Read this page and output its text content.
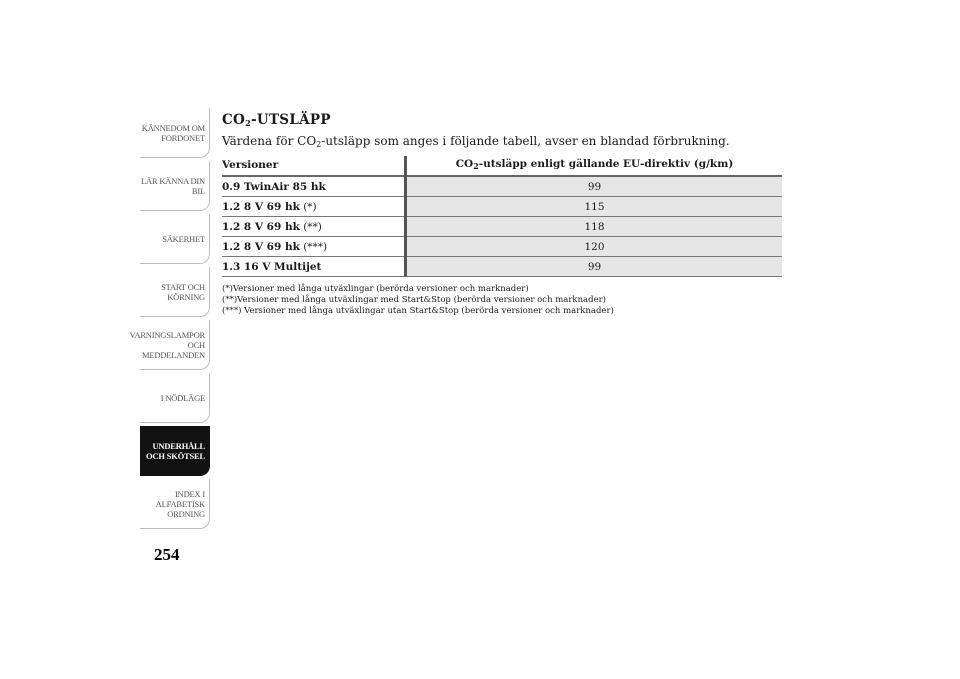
KÄNNEDOM OM FORDONET
LÄR KÄNNA DIN BIL
SÄKERHET
START OCH KÖRNING
VARNINGSLAMPOR OCH MEDDELANDEN
I NÖDLÄGE
UNDERHÅLL OCH SKÖTSEL
INDEX I ALFABETISK ORDNING
254
$CO_2$-UTSLÄPP

Värdena för $CO_2$-utsläpp som anges i följande tabell, avser en blandad förbrukning.

Versioner	$CO_2$-utsläpp enligt gällande EU-direktiv (g/km)
0.9 TwinAir 85 hk	99
1.2 8 V 69 hk (*)	115
1.2 8 V 69 hk (**)	118
1.2 8 V 69 hk (***)	120
1.3 16 V Multijet	99
(*)Versioner med långa utväxlingar (berörda versioner och marknader)
(**)Versioner med långa utväxlingar med Start&Stop (berörda versioner och marknader)
(***) Versioner med långa utväxlingar utan Start&Stop (berörda versioner och marknader)
